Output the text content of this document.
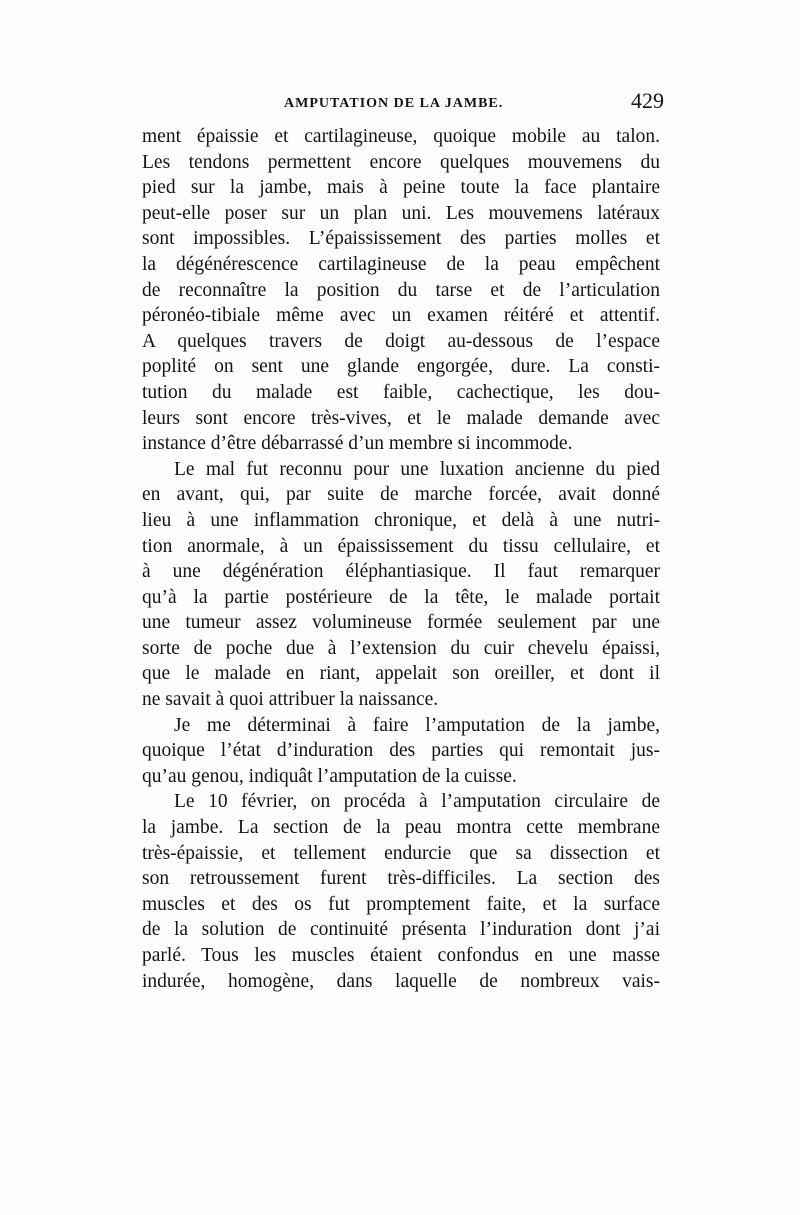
AMPUTATION DE LA JAMBE.	429
ment épaissie et cartilagineuse, quoique mobile au talon.
Les tendons permettent encore quelques mouvemens du
pied sur la jambe, mais à peine toute la face plantaire
peut-elle poser sur un plan uni. Les mouvemens latéraux
sont impossibles. L’épaississement des parties molles et
la dégénérescence cartilagineuse de la peau empêchent
de reconnaître la position du tarse et de l’articulation
péronéo-tibiale même avec un examen réitéré et attentif.
A quelques travers de doigt au-dessous de l’espace
poplité on sent une glande engorgée, dure. La consti-
tution du malade est faible, cachectique, les dou-
leurs sont encore très-vives, et le malade demande avec
instance d’être débarrassé d’un membre si incommode.
Le mal fut reconnu pour une luxation ancienne du pied
en avant, qui, par suite de marche forcée, avait donné
lieu à une inflammation chronique, et delà à une nutri-
tion anormale, à un épaississement du tissu cellulaire, et
à une dégénération éléphantiasique. Il faut remarquer
qu’à la partie postérieure de la tête, le malade portait
une tumeur assez volumineuse formée seulement par une
sorte de poche due à l’extension du cuir chevelu épaissi,
que le malade en riant, appelait son oreiller, et dont il
ne savait à quoi attribuer la naissance.
Je me déterminai à faire l’amputation de la jambe,
quoique l’état d’induration des parties qui remontait jus-
qu’au genou, indiquât l’amputation de la cuisse.
Le 10 février, on procéda à l’amputation circulaire de
la jambe. La section de la peau montra cette membrane
très-épaissie, et tellement endurcie que sa dissection et
son retroussement furent très-difficiles. La section des
muscles et des os fut promptement faite, et la surface
de la solution de continuité présenta l’induration dont j’ai
parlé. Tous les muscles étaient confondus en une masse
indurée, homogène, dans laquelle de nombreux vais-
